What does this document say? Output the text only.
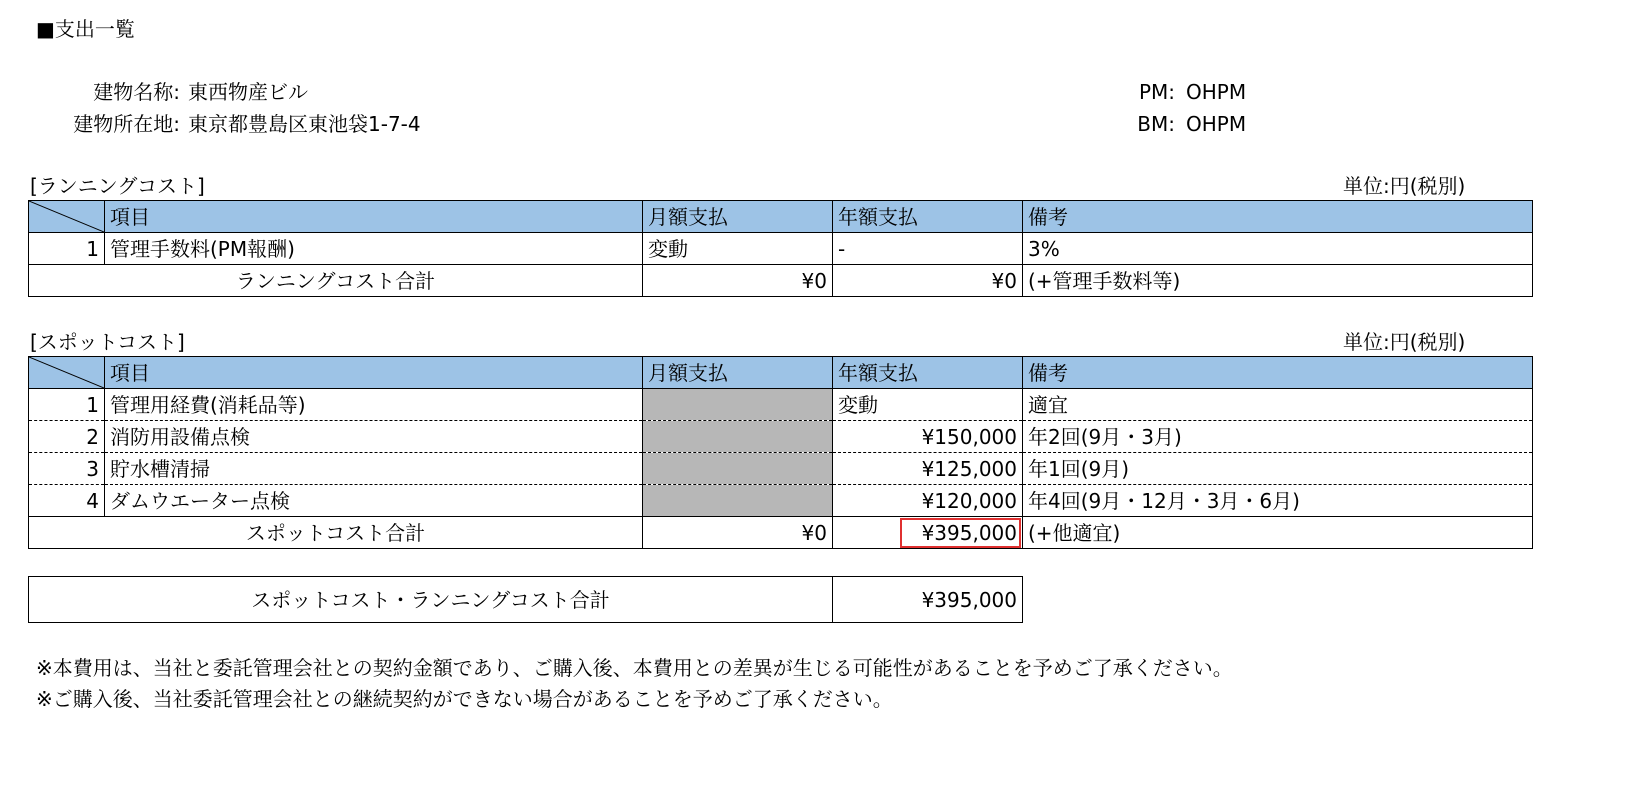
■支出一覧
建物名称: 東西物産ビル
建物所在地: 東京都豊島区東池袋1-7-4
PM: OHPM
BM: OHPM
[ランニングコスト]	単位:円(税別)
	項目	月額支払	年額支払	備考
1	管理手数料(PM報酬)	変動	-	3%
ランニングコスト合計		¥0	¥0	(+管理手数料等)
[スポットコスト]	単位:円(税別)
	項目	月額支払	年額支払	備考
1	管理用経費(消耗品等)		変動	適宜
2	消防用設備点検		¥150,000	年2回(9月・3月)
3	貯水槽清掃		¥125,000	年1回(9月)
4	ダムウエーター点検		¥120,000	年4回(9月・12月・3月・6月)
スポットコスト合計		¥0	¥395,000	(+他適宜)
スポットコスト・ランニングコスト合計	¥395,000
※本費用は、当社と委託管理会社との契約金額であり、ご購入後、本費用との差異が生じる可能性があることを予めご了承ください。
※ご購入後、当社委託管理会社との継続契約ができない場合があることを予めご了承ください。
